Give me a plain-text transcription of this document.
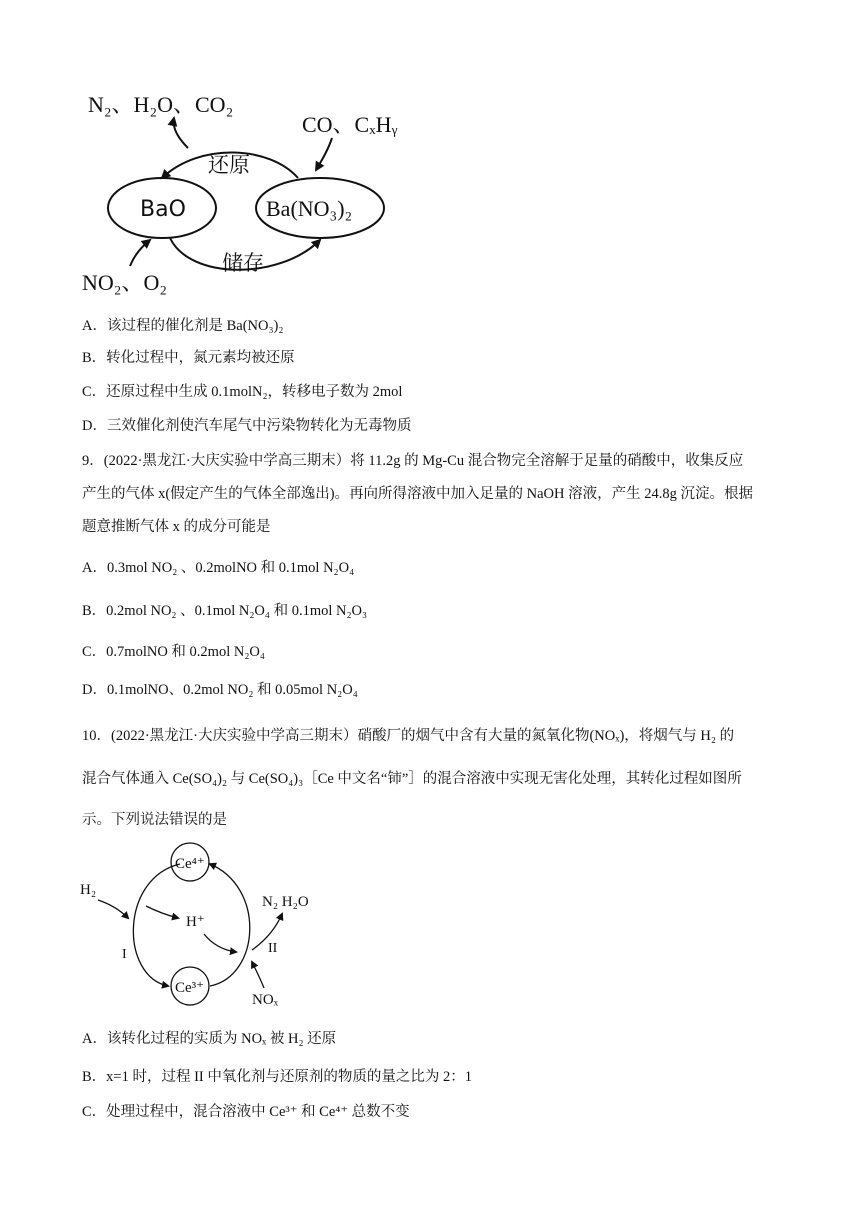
N₂、H₂O、CO₂
CO、CₓHᵧ
还原
BaO	Ba(NO₃)₂
储存
NO₂、O₂
A．该过程的催化剂是 Ba(NO₃)₂
B．转化过程中，氮元素均被还原
C．还原过程中生成 0.1molN₂，转移电子数为 2mol
D．三效催化剂使汽车尾气中污染物转化为无毒物质
9．(2022·黑龙江·大庆实验中学高三期末）将 11.2g 的 Mg-Cu 混合物完全溶解于足量的硝酸中，收集反应
产生的气体 x(假定产生的气体全部逸出)。再向所得溶液中加入足量的 NaOH 溶液，产生 24.8g 沉淀。根据
题意推断气体 x 的成分可能是
A．0.3mol NO₂ 、0.2molNO 和 0.1mol N₂O₄
B．0.2mol NO₂ 、0.1mol N₂O₄ 和 0.1mol N₂O₃
C．0.7molNO 和 0.2mol N₂O₄
D．0.1molNO、0.2mol NO₂ 和 0.05mol N₂O₄
10．(2022·黑龙江·大庆实验中学高三期末）硝酸厂的烟气中含有大量的氮氧化物(NOₓ)，将烟气与 H₂ 的
混合气体通入 Ce(SO₄)₂ 与 Ce(SO₄)₃［Ce 中文名“铈”］的混合溶液中实现无害化处理，其转化过程如图所
示。下列说法错误的是
Ce⁴⁺
Ce³⁺
H₂
H⁺
I
N₂ H₂O
II
NOₓ
A．该转化过程的实质为 NOₓ 被 H₂ 还原
B．x=1 时，过程 II 中氧化剂与还原剂的物质的量之比为 2：1
C．处理过程中，混合溶液中 Ce³⁺ 和 Ce⁴⁺ 总数不变
